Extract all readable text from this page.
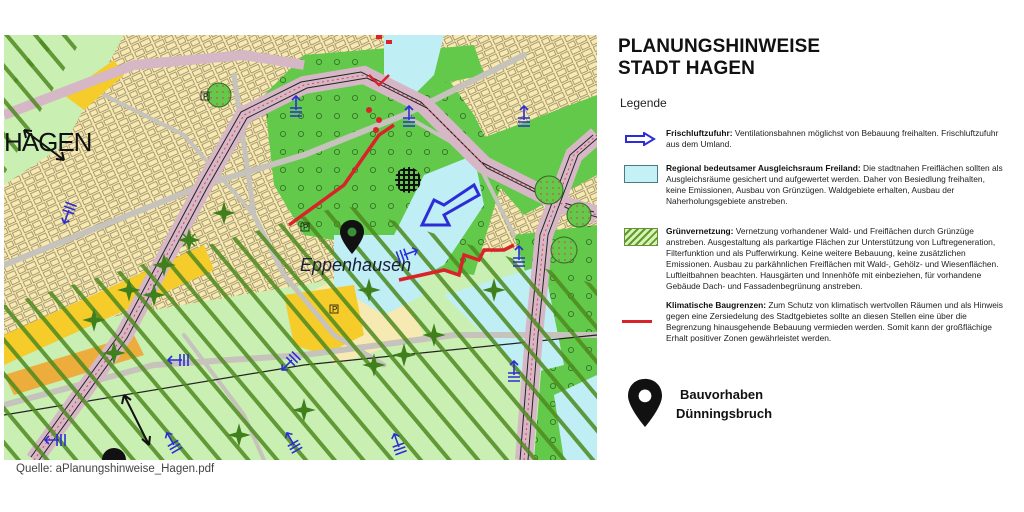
P
P
P
HAGEN
Eppenhausen
Quelle: aPlanungshinweise_Hagen.pdf
PLANUNGSHINWEISE
STADT HAGEN
Legende
Frischluftzufuhr: Ventilationsbahnen möglichst von Bebauung freihalten. Frischluftzufuhr aus dem Umland.
Regional bedeutsamer Ausgleichsraum Freiland: Die stadtnahen Freiflächen sollten als Ausgleichsräume gesichert und aufgewertet werden. Daher von Besiedlung freihalten, keine Emissionen, Ausbau von Grünzügen. Waldgebiete erhalten, Ausbau der Naherholungsgebiete anstreben.
Grünvernetzung: Vernetzung vorhandener Wald- und Freiflächen durch Grünzüge anstreben. Ausgestaltung als parkartige Flächen zur Unterstützung von Luftregeneration, Filterfunktion und als Pufferwirkung. Keine weitere Bebauung, keine zusätzlichen Emissionen. Ausbau zu parkähnlichen Freiflächen mit Wald-, Gehölz- und Wiesenflächen. Luftleitbahnen beachten. Hausgärten und Innenhöfe mit einbeziehen, für vorhandene Gebäude Dach- und Fassadenbegrünung anstreben.
Klimatische Baugrenzen: Zum Schutz von klimatisch wertvollen Räumen und als Hinweis gegen eine Zersiedelung des Stadtgebietes sollte an diesen Stellen eine über die Begrenzung hinausgehende Bebauung vermieden werden. Somit kann der großflächige Erhalt positiver Zonen gewährleistet werden.
Bauvorhaben
Dünningsbruch
